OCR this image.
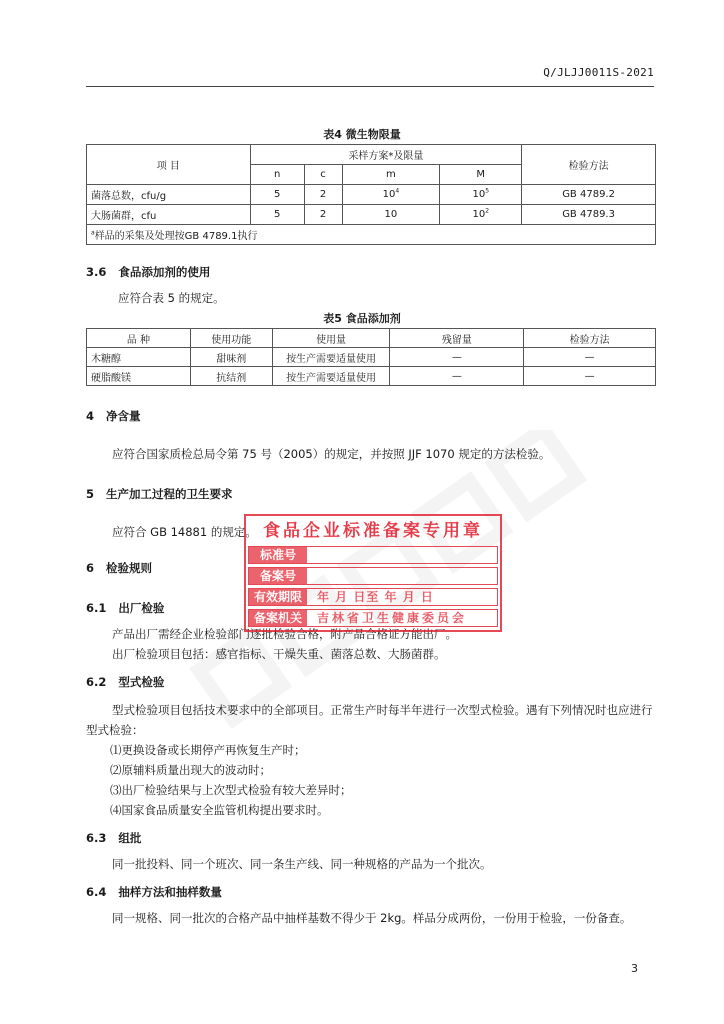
Q/JLJJ0011S-2021
表4 微生物限量
项 目	采样方案*及限量				检验方法
	n	c	m	M	
菌落总数，cfu/g	5	2	$10^4$	$10^5$	GB 4789.2
大肠菌群，cfu	5	2	10	$10^2$	GB 4789.3
$^a$样品的采集及处理按GB 4789.1执行					
3.6 食品添加剂的使用
应符合表 5 的规定。
表5 食品添加剂
品 种	使用功能	使用量	残留量	检验方法
木糖醇	甜味剂	按生产需要适量使用	—	—
硬脂酸镁	抗结剂	按生产需要适量使用	—	—
4 净含量
应符合国家质检总局令第 75 号（2005）的规定，并按照 JJF 1070 规定的方法检验。
5 生产加工过程的卫生要求
应符合 GB 14881 的规定。
6 检验规则
6.1 出厂检验
产品出厂需经企业检验部门逐批检验合格，附产品合格证方能出厂。
出厂检验项目包括：感官指标、干燥失重、菌落总数、大肠菌群。
6.2 型式检验
型式检验项目包括技术要求中的全部项目。正常生产时每半年进行一次型式检验。遇有下列情况时也应进行型式检验：
⑴更换设备或长期停产再恢复生产时；
⑵原辅料质量出现大的波动时；
⑶出厂检验结果与上次型式检验有较大差异时；
⑷国家食品质量安全监管机构提出要求时。
6.3 组批
同一批投料、同一个班次、同一条生产线、同一种规格的产品为一个批次。
6.4 抽样方法和抽样数量
同一规格、同一批次的合格产品中抽样基数不得少于 2kg。样品分成两份，一份用于检验，一份备查。
3
食品企业标准备案专用章
标准号
备案号
有效期限	年 月 日至 年 月 日
备案机关	吉林省卫生健康委员会
